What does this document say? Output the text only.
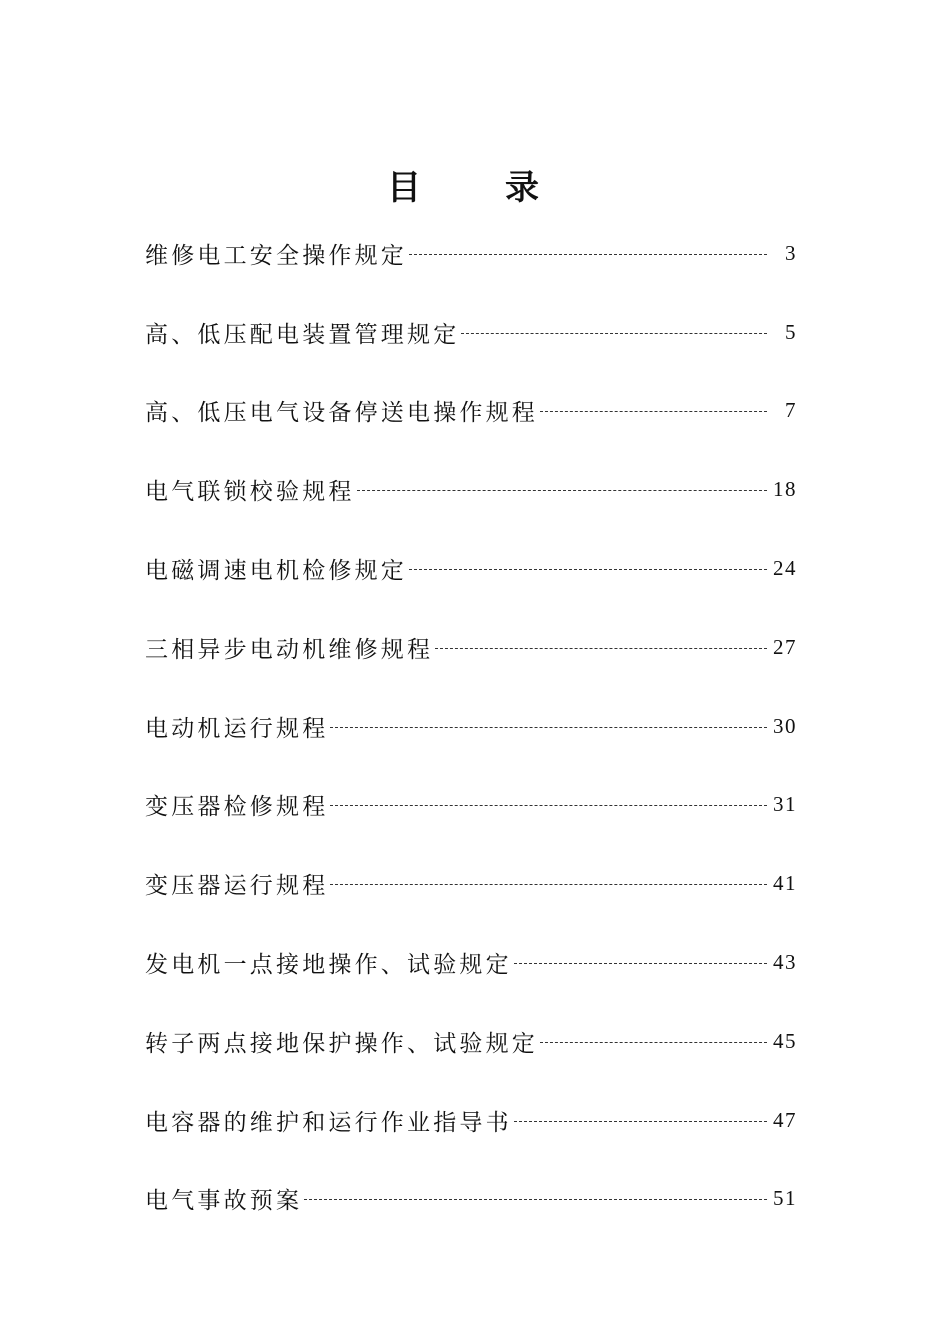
目录
维修电工安全操作规定	3
高、低压配电装置管理规定	5
高、低压电气设备停送电操作规程	7
电气联锁校验规程	18
电磁调速电机检修规定	24
三相异步电动机维修规程	27
电动机运行规程	30
变压器检修规程	31
变压器运行规程	41
发电机一点接地操作、试验规定	43
转子两点接地保护操作、试验规定	45
电容器的维护和运行作业指导书	47
电气事故预案	51
